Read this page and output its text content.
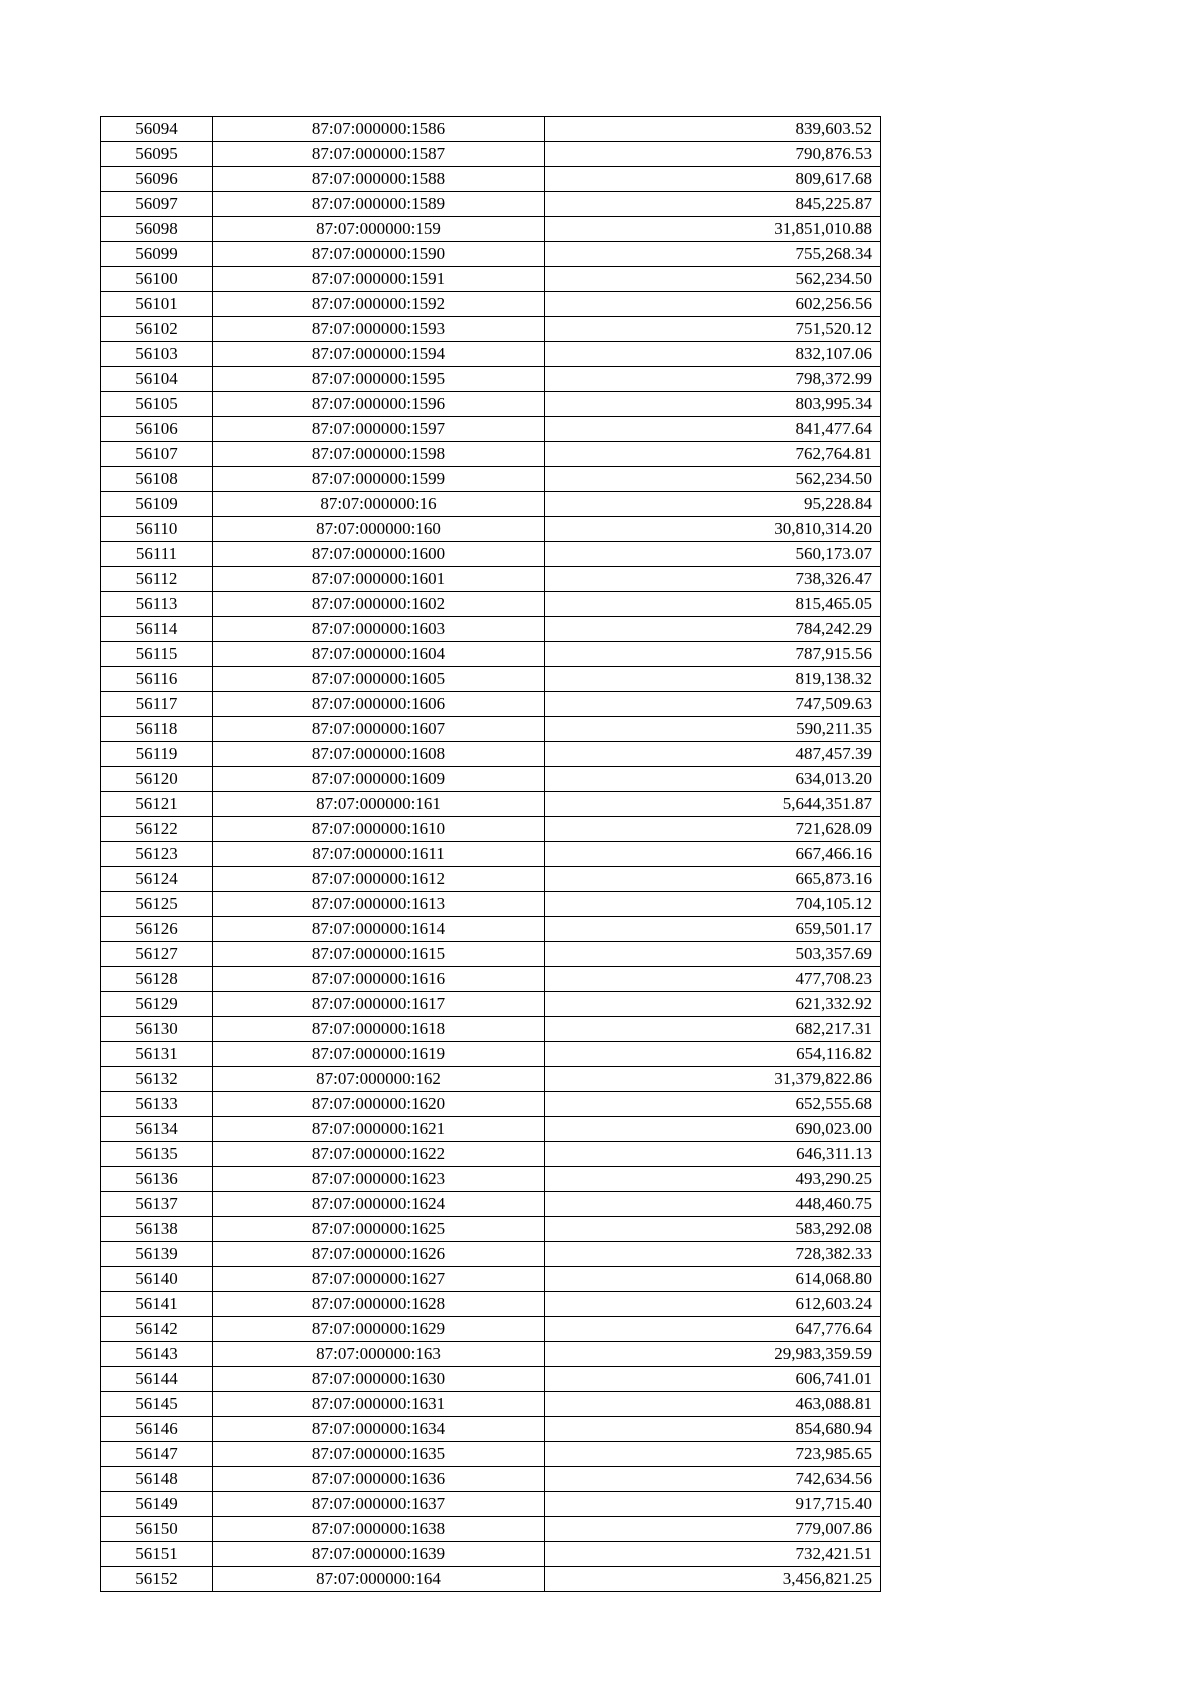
56094	87:07:000000:1586	839,603.52
56095	87:07:000000:1587	790,876.53
56096	87:07:000000:1588	809,617.68
56097	87:07:000000:1589	845,225.87
56098	87:07:000000:159	31,851,010.88
56099	87:07:000000:1590	755,268.34
56100	87:07:000000:1591	562,234.50
56101	87:07:000000:1592	602,256.56
56102	87:07:000000:1593	751,520.12
56103	87:07:000000:1594	832,107.06
56104	87:07:000000:1595	798,372.99
56105	87:07:000000:1596	803,995.34
56106	87:07:000000:1597	841,477.64
56107	87:07:000000:1598	762,764.81
56108	87:07:000000:1599	562,234.50
56109	87:07:000000:16	95,228.84
56110	87:07:000000:160	30,810,314.20
56111	87:07:000000:1600	560,173.07
56112	87:07:000000:1601	738,326.47
56113	87:07:000000:1602	815,465.05
56114	87:07:000000:1603	784,242.29
56115	87:07:000000:1604	787,915.56
56116	87:07:000000:1605	819,138.32
56117	87:07:000000:1606	747,509.63
56118	87:07:000000:1607	590,211.35
56119	87:07:000000:1608	487,457.39
56120	87:07:000000:1609	634,013.20
56121	87:07:000000:161	5,644,351.87
56122	87:07:000000:1610	721,628.09
56123	87:07:000000:1611	667,466.16
56124	87:07:000000:1612	665,873.16
56125	87:07:000000:1613	704,105.12
56126	87:07:000000:1614	659,501.17
56127	87:07:000000:1615	503,357.69
56128	87:07:000000:1616	477,708.23
56129	87:07:000000:1617	621,332.92
56130	87:07:000000:1618	682,217.31
56131	87:07:000000:1619	654,116.82
56132	87:07:000000:162	31,379,822.86
56133	87:07:000000:1620	652,555.68
56134	87:07:000000:1621	690,023.00
56135	87:07:000000:1622	646,311.13
56136	87:07:000000:1623	493,290.25
56137	87:07:000000:1624	448,460.75
56138	87:07:000000:1625	583,292.08
56139	87:07:000000:1626	728,382.33
56140	87:07:000000:1627	614,068.80
56141	87:07:000000:1628	612,603.24
56142	87:07:000000:1629	647,776.64
56143	87:07:000000:163	29,983,359.59
56144	87:07:000000:1630	606,741.01
56145	87:07:000000:1631	463,088.81
56146	87:07:000000:1634	854,680.94
56147	87:07:000000:1635	723,985.65
56148	87:07:000000:1636	742,634.56
56149	87:07:000000:1637	917,715.40
56150	87:07:000000:1638	779,007.86
56151	87:07:000000:1639	732,421.51
56152	87:07:000000:164	3,456,821.25
